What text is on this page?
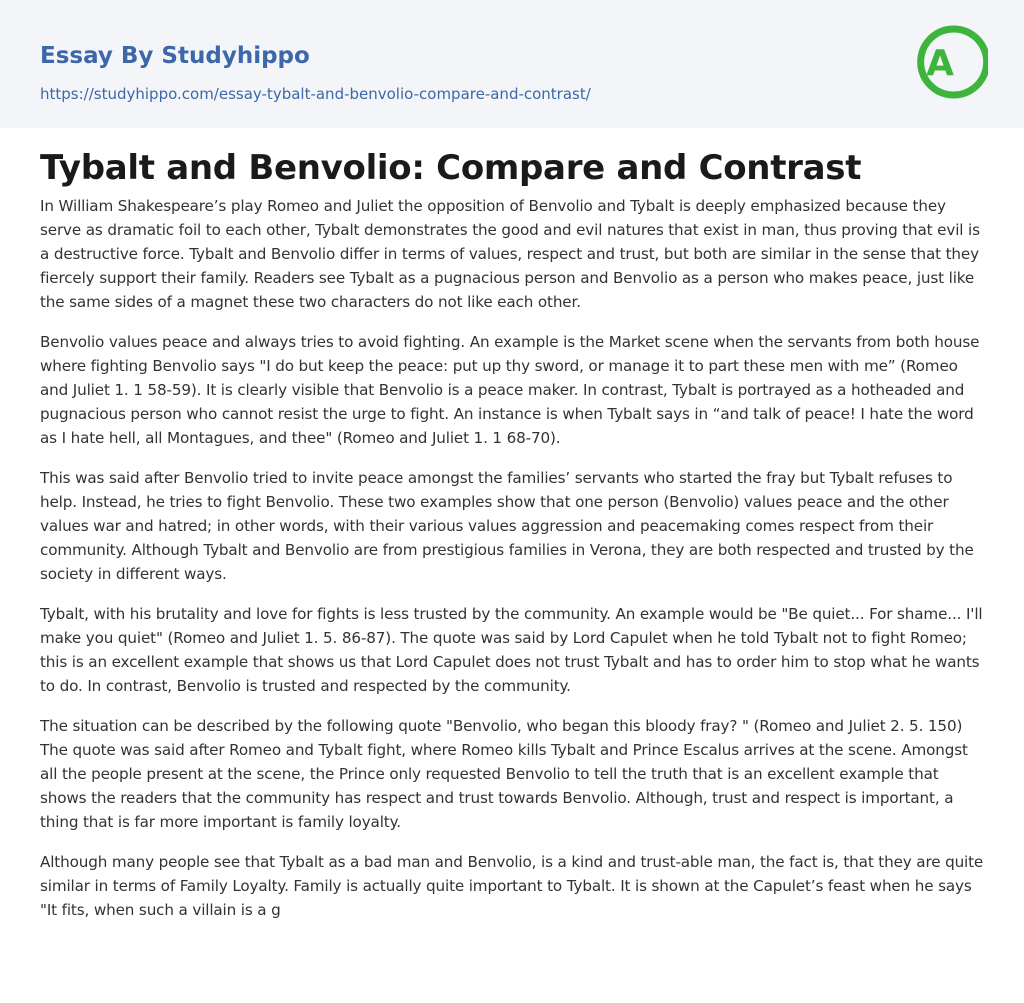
Essay By Studyhippo
https://studyhippo.com/essay-tybalt-and-benvolio-compare-and-contrast/
A
Tybalt and Benvolio: Compare and Contrast

In William Shakespeare’s play Romeo and Juliet the opposition of Benvolio and Tybalt is deeply emphasized because they serve as dramatic foil to each other, Tybalt demonstrates the good and evil natures that exist in man, thus proving that evil is a destructive force. Tybalt and Benvolio differ in terms of values, respect and trust, but both are similar in the sense that they fiercely support their family. Readers see Tybalt as a pugnacious person and Benvolio as a person who makes peace, just like the same sides of a magnet these two characters do not like each other.

Benvolio values peace and always tries to avoid fighting. An example is the Market scene when the servants from both house where fighting Benvolio says "I do but keep the peace: put up thy sword, or manage it to part these men with me” (Romeo and Juliet 1. 1 58-59). It is clearly visible that Benvolio is a peace maker. In contrast, Tybalt is portrayed as a hotheaded and pugnacious person who cannot resist the urge to fight. An instance is when Tybalt says in “and talk of peace! I hate the word as I hate hell, all Montagues, and thee" (Romeo and Juliet 1. 1 68-70).

This was said after Benvolio tried to invite peace amongst the families’ servants who started the fray but Tybalt refuses to help. Instead, he tries to fight Benvolio. These two examples show that one person (Benvolio) values peace and the other values war and hatred; in other words, with their various values aggression and peacemaking comes respect from their community. Although Tybalt and Benvolio are from prestigious families in Verona, they are both respected and trusted by the society in different ways.

Tybalt, with his brutality and love for fights is less trusted by the community. An example would be "Be quiet... For shame... I'll make you quiet" (Romeo and Juliet 1. 5. 86-87). The quote was said by Lord Capulet when he told Tybalt not to fight Romeo; this is an excellent example that shows us that Lord Capulet does not trust Tybalt and has to order him to stop what he wants to do. In contrast, Benvolio is trusted and respected by the community.

The situation can be described by the following quote "Benvolio, who began this bloody fray? " (Romeo and Juliet 2. 5. 150) The quote was said after Romeo and Tybalt fight, where Romeo kills Tybalt and Prince Escalus arrives at the scene. Amongst all the people present at the scene, the Prince only requested Benvolio to tell the truth that is an excellent example that shows the readers that the community has respect and trust towards Benvolio. Although, trust and respect is important, a thing that is far more important is family loyalty.

Although many people see that Tybalt as a bad man and Benvolio, is a kind and trust-able man, the fact is, that they are quite similar in terms of Family Loyalty. Family is actually quite important to Tybalt. It is shown at the Capulet’s feast when he says "It fits, when such a villain is a g
